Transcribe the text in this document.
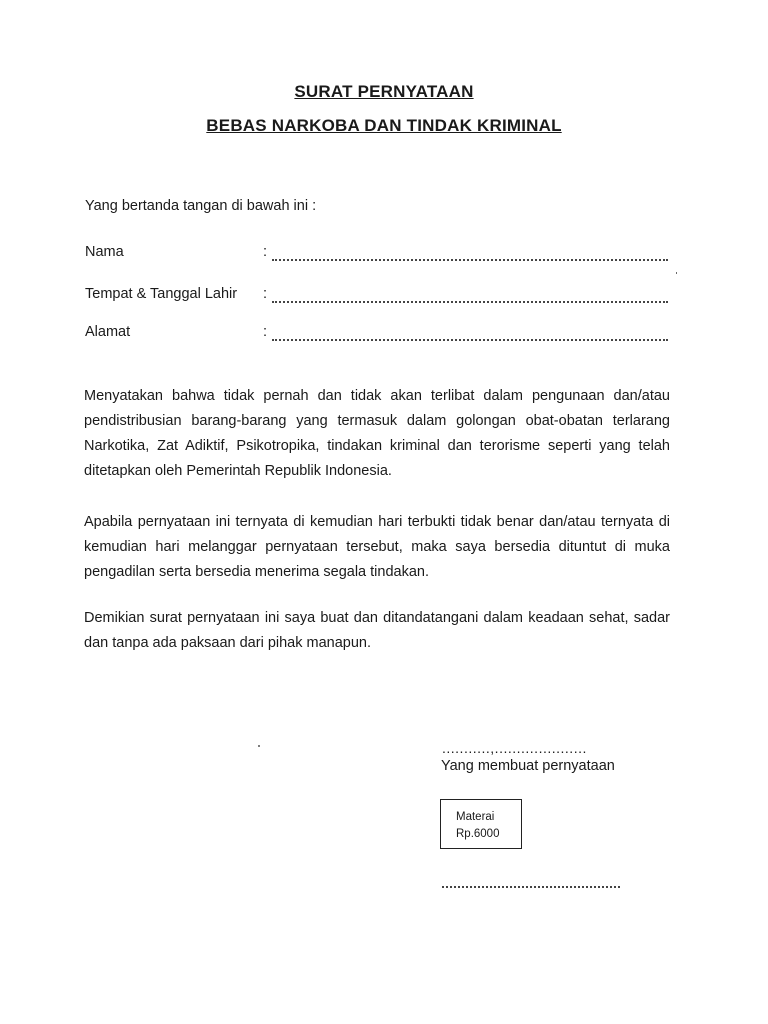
SURAT PERNYATAAN
BEBAS NARKOBA DAN TINDAK KRIMINAL
Yang bertanda tangan di bawah ini :
Nama	:
Tempat & Tanggal Lahir :
Alamat	:

Menyatakan bahwa tidak pernah dan tidak akan terlibat dalam pengunaan dan/atau pendistribusian barang-barang yang termasuk dalam golongan obat-obatan terlarang Narkotika, Zat Adiktif, Psikotropika, tindakan kriminal dan terorisme seperti yang telah ditetapkan oleh Pemerintah Republik Indonesia.

Apabila pernyataan ini ternyata di kemudian hari terbukti tidak benar dan/atau ternyata di kemudian hari melanggar pernyataan tersebut, maka saya bersedia dituntut di muka pengadilan serta bersedia menerima segala tindakan.

Demikian surat pernyataan ini saya buat dan ditandatangani dalam keadaan sehat, sadar dan tanpa ada paksaan dari pihak manapun.

...........,.....................
Yang membuat pernyataan
Materai
Rp.6000
